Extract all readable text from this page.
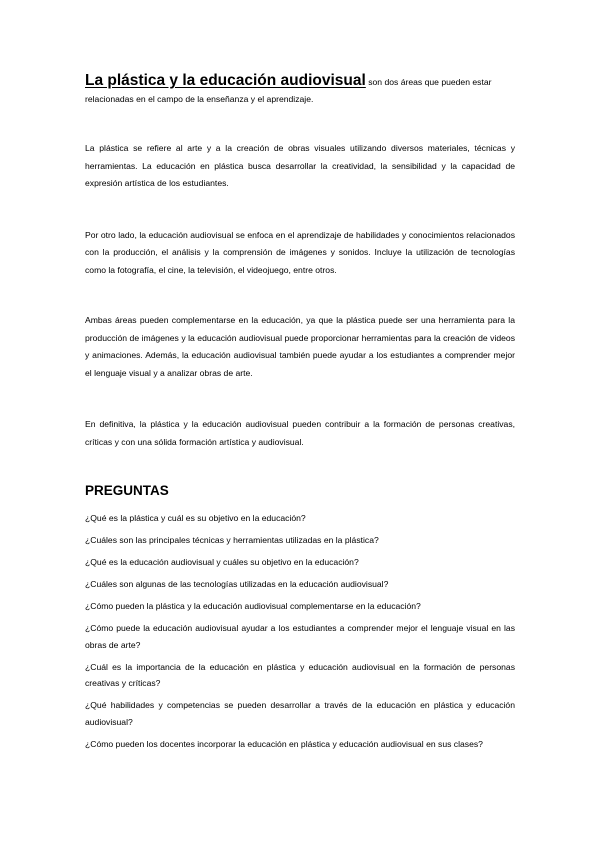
La plástica y la educación audiovisual son dos áreas que pueden estar relacionadas en el campo de la enseñanza y el aprendizaje.

La plástica se refiere al arte y a la creación de obras visuales utilizando diversos materiales, técnicas y herramientas. La educación en plástica busca desarrollar la creatividad, la sensibilidad y la capacidad de expresión artística de los estudiantes.

Por otro lado, la educación audiovisual se enfoca en el aprendizaje de habilidades y conocimientos relacionados con la producción, el análisis y la comprensión de imágenes y sonidos. Incluye la utilización de tecnologías como la fotografía, el cine, la televisión, el videojuego, entre otros.

Ambas áreas pueden complementarse en la educación, ya que la plástica puede ser una herramienta para la producción de imágenes y la educación audiovisual puede proporcionar herramientas para la creación de videos y animaciones. Además, la educación audiovisual también puede ayudar a los estudiantes a comprender mejor el lenguaje visual y a analizar obras de arte.

En definitiva, la plástica y la educación audiovisual pueden contribuir a la formación de personas creativas, críticas y con una sólida formación artística y audiovisual.

PREGUNTAS
¿Qué es la plástica y cuál es su objetivo en la educación?
¿Cuáles son las principales técnicas y herramientas utilizadas en la plástica?
¿Qué es la educación audiovisual y cuáles su objetivo en la educación?
¿Cuáles son algunas de las tecnologías utilizadas en la educación audiovisual?
¿Cómo pueden la plástica y la educación audiovisual complementarse en la educación?
¿Cómo puede la educación audiovisual ayudar a los estudiantes a comprender mejor el lenguaje visual en las obras de arte?
¿Cuál es la importancia de la educación en plástica y educación audiovisual en la formación de personas creativas y críticas?
¿Qué habilidades y competencias se pueden desarrollar a través de la educación en plástica y educación audiovisual?
¿Cómo pueden los docentes incorporar la educación en plástica y educación audiovisual en sus clases?
